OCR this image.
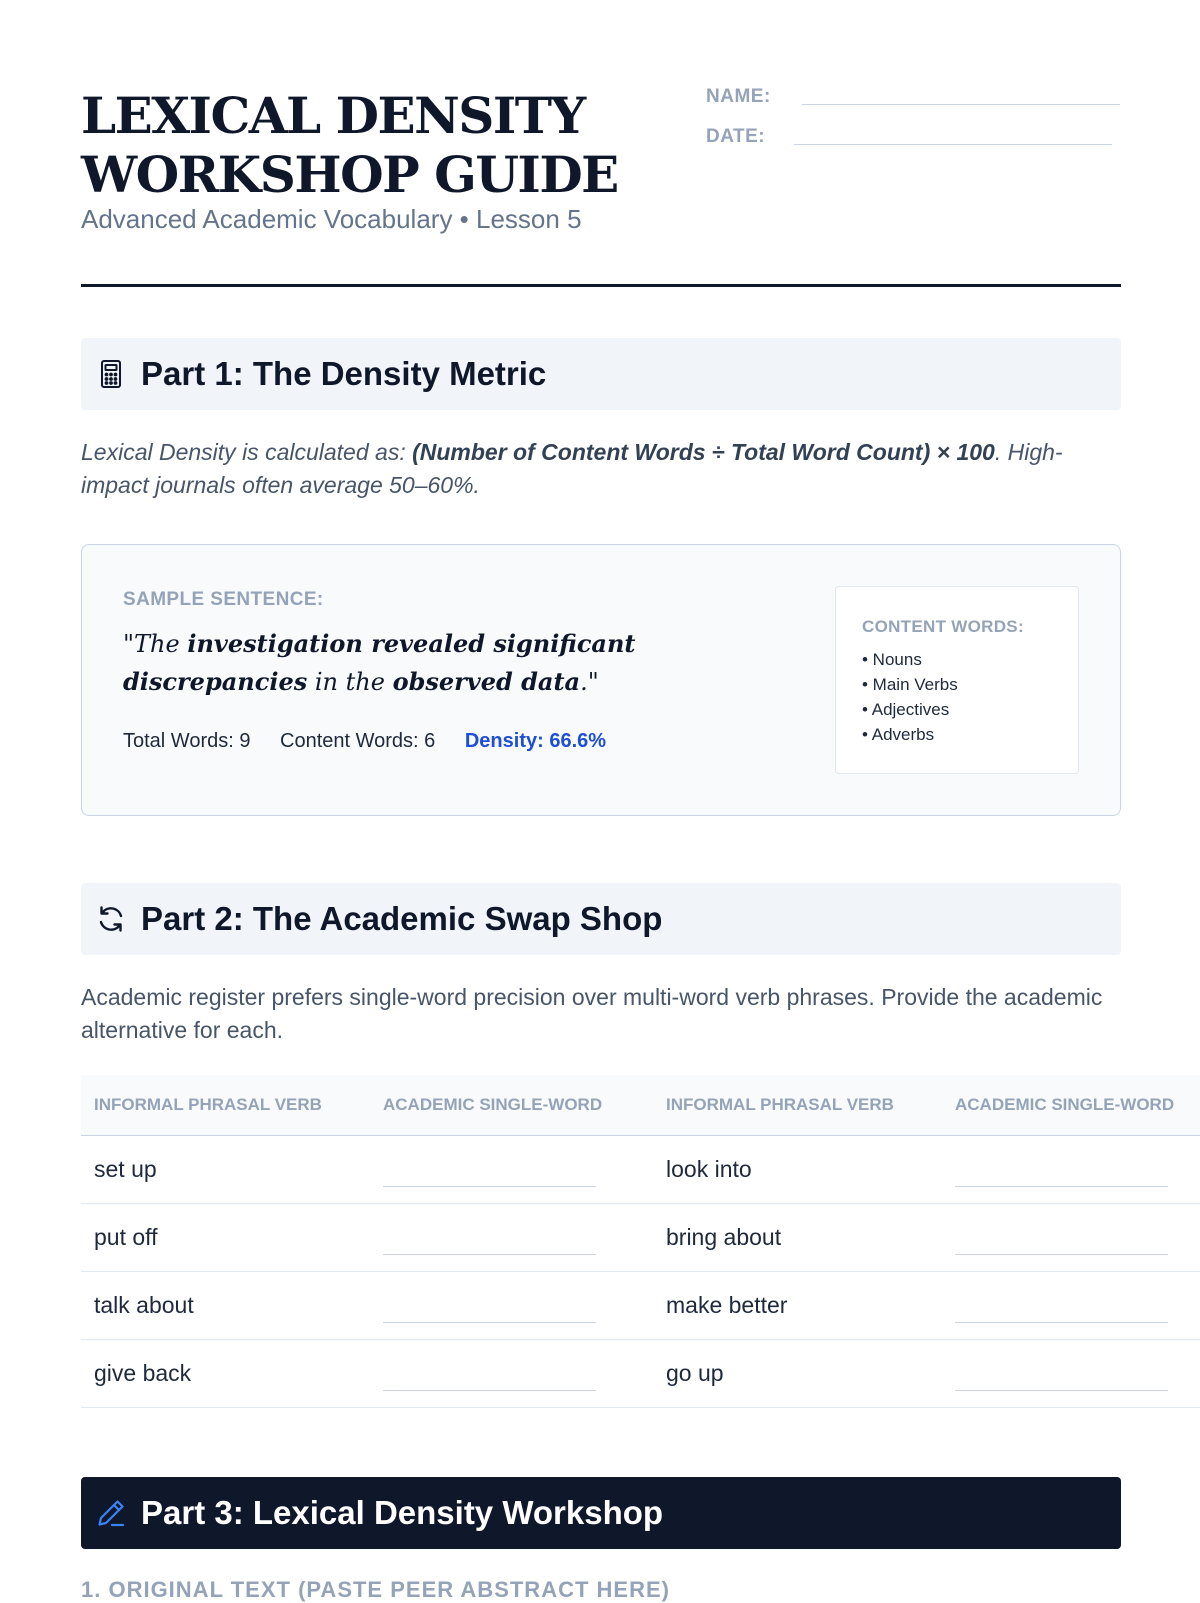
LEXICAL DENSITY
WORKSHOP GUIDE
Advanced Academic Vocabulary • Lesson 5
NAME:
DATE:
Part 1: The Density Metric

Lexical Density is calculated as: (Number of Content Words ÷ Total Word Count) × 100. High-impact journals often average 50–60%.

SAMPLE SENTENCE:
"The investigation revealed significant discrepancies in the observed data."
Total Words: 9 Content Words: 6 Density: 66.6%
CONTENT WORDS:
• Nouns
• Main Verbs
• Adjectives
• Adverbs
Part 2: The Academic Swap Shop

Academic register prefers single-word precision over multi-word verb phrases. Provide the academic alternative for each.

INFORMAL PHRASAL VERB	ACADEMIC SINGLE-WORD	INFORMAL PHRASAL VERB	ACADEMIC SINGLE-WORD
set up		look into	

put off		bring about	

talk about		make better	

give back		go up	
Part 3: Lexical Density Workshop
1. ORIGINAL TEXT (PASTE PEER ABSTRACT HERE)
